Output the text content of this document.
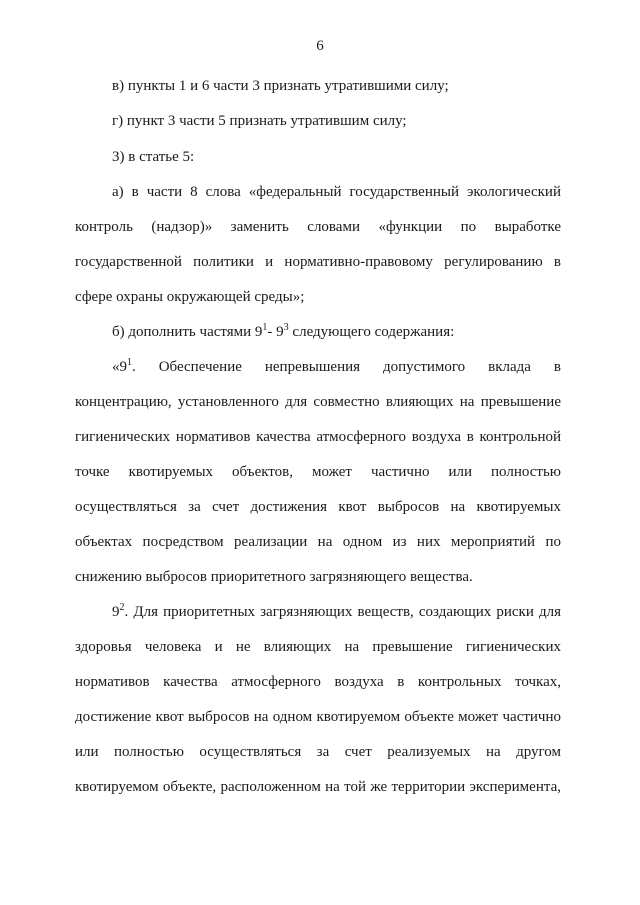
6
в) пункты 1 и 6 части 3 признать утратившими силу;
г) пункт 3 части 5 признать утратившим силу;
3) в статье 5:
а) в части 8 слова «федеральный государственный экологический
контроль (надзор)» заменить словами «функции по выработке
государственной политики и нормативно-правовому регулированию в
сфере охраны окружающей среды»;
б) дополнить частями $9^1-$ $9^3$ следующего содержания:
«$9^1$. Обеспечение непревышения допустимого вклада в
концентрацию, установленного для совместно влияющих на превышение
гигиенических нормативов качества атмосферного воздуха в контрольной
точке квотируемых объектов, может частично или полностью
осуществляться за счет достижения квот выбросов на квотируемых
объектах посредством реализации на одном из них мероприятий по
снижению выбросов приоритетного загрязняющего вещества.
$9^2$. Для приоритетных загрязняющих веществ, создающих риски для
здоровья человека и не влияющих на превышение гигиенических
нормативов качества атмосферного воздуха в контрольных точках,
достижение квот выбросов на одном квотируемом объекте может частично
или полностью осуществляться за счет реализуемых на другом
квотируемом объекте, расположенном на той же территории эксперимента,
